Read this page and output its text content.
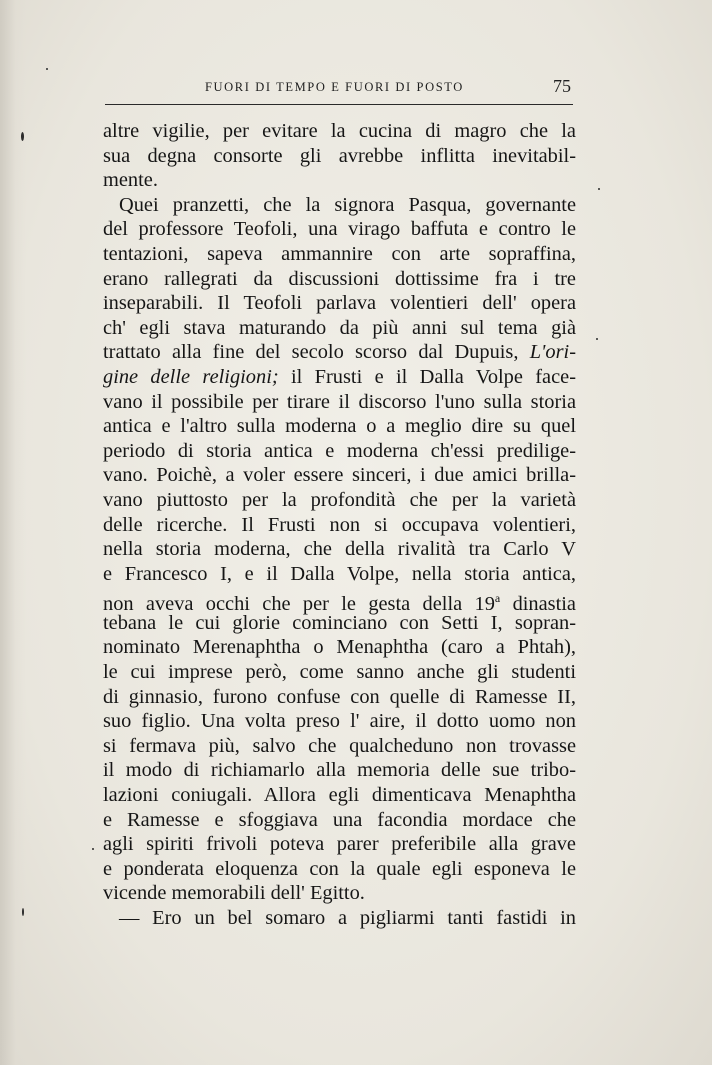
FUORI DI TEMPO E FUORI DI POSTO	75
altre vigilie, per evitare la cucina di magro che la
sua degna consorte gli avrebbe inflitta inevitabil-
mente.
Quei pranzetti, che la signora Pasqua, governante
del professore Teofoli, una virago baffuta e contro le
tentazioni, sapeva ammannire con arte sopraffina,
erano rallegrati da discussioni dottissime fra i tre
inseparabili. Il Teofoli parlava volentieri dell' opera
ch' egli stava maturando da più anni sul tema già
trattato alla fine del secolo scorso dal Dupuis, L'ori-
gine delle religioni; il Frusti e il Dalla Volpe face-
vano il possibile per tirare il discorso l'uno sulla storia
antica e l'altro sulla moderna o a meglio dire su quel
periodo di storia antica e moderna ch'essi predilige-
vano. Poichè, a voler essere sinceri, i due amici brilla-
vano piuttosto per la profondità che per la varietà
delle ricerche. Il Frusti non si occupava volentieri,
nella storia moderna, che della rivalità tra Carlo V
e Francesco I, e il Dalla Volpe, nella storia antica,
non aveva occhi che per le gesta della 19$^a$ dinastia
tebana le cui glorie cominciano con Setti I, sopran-
nominato Merenaphtha o Menaphtha (caro a Phtah),
le cui imprese però, come sanno anche gli studenti
di ginnasio, furono confuse con quelle di Ramesse II,
suo figlio. Una volta preso l' aire, il dotto uomo non
si fermava più, salvo che qualcheduno non trovasse
il modo di richiamarlo alla memoria delle sue tribo-
lazioni coniugali. Allora egli dimenticava Menaphtha
e Ramesse e sfoggiava una facondia mordace che
agli spiriti frivoli poteva parer preferibile alla grave
e ponderata eloquenza con la quale egli esponeva le
vicende memorabili dell' Egitto.
— Ero un bel somaro a pigliarmi tanti fastidi in
